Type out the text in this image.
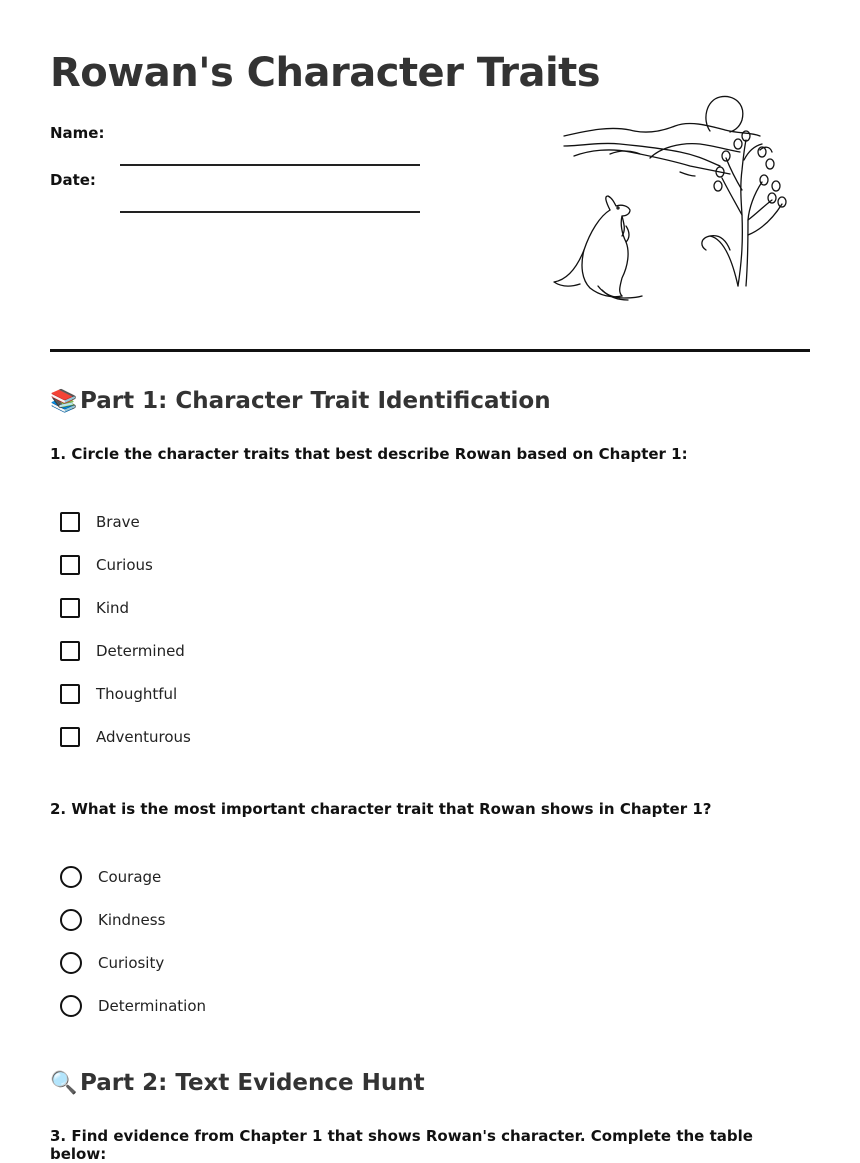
Rowan's Character Traits
Name:
Date:
📚 Part 1: Character Trait Identification

1. Circle the character traits that best describe Rowan based on Chapter 1:

Brave
Curious
Kind
Determined
Thoughtful
Adventurous

2. What is the most important character trait that Rowan shows in Chapter 1?

Courage
Kindness
Curiosity
Determination
🔍 Part 2: Text Evidence Hunt

3. Find evidence from Chapter 1 that shows Rowan's character. Complete the table below:
